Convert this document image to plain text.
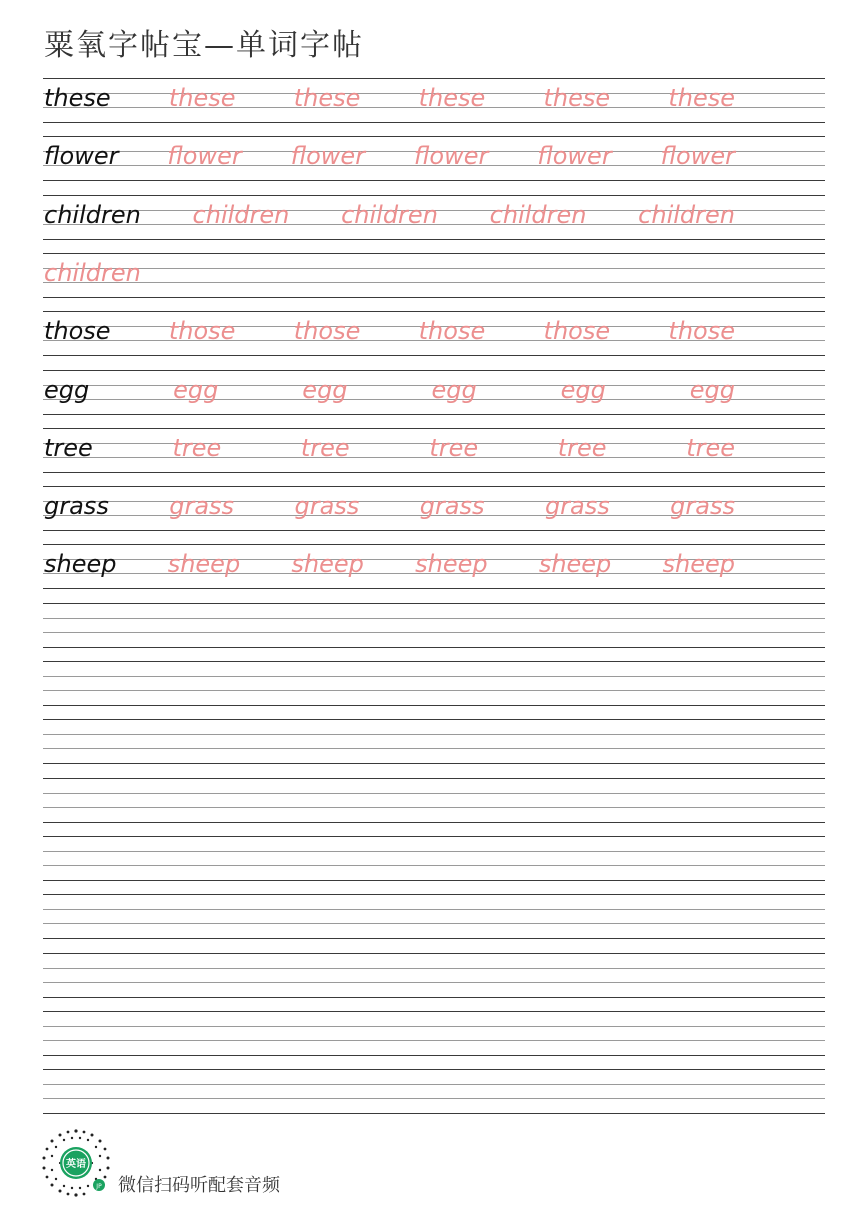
粟氧字帖宝—单词字帖
these these these these these these
flower flower flower flower flower flower
children children children children children
children
those those those those those those
egg	egg	egg	egg	egg	egg
tree	tree	tree	tree	tree	tree
grass	grass	grass	grass	grass	grass
sheep sheep sheep sheep sheep sheep
英语
JP 微信扫码听配套音频
